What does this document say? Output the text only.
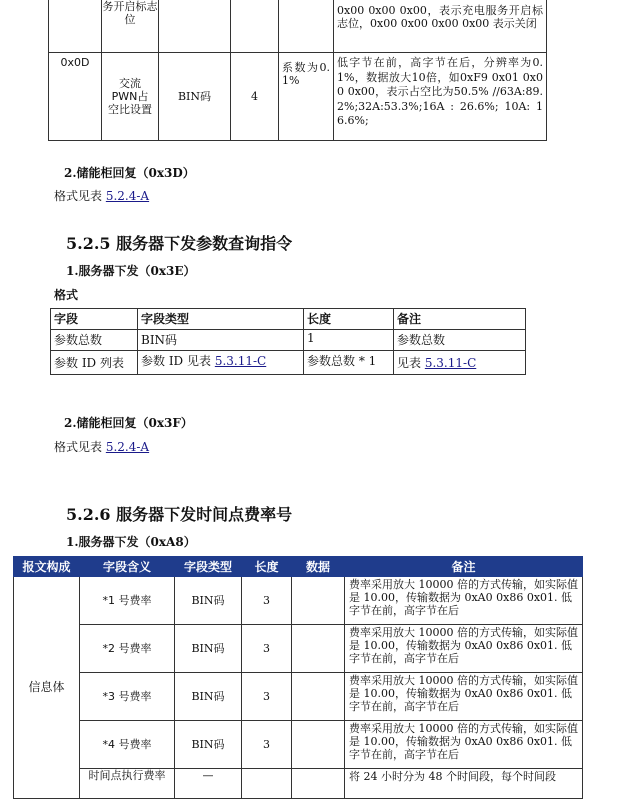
	务开启标志位				0x00 0x00 0x00，表示充电服务开启标志位，0x00 0x00 0x00 0x00 表示关闭
0x0D	交流PWN占空比设置	BIN码	4	系数为0.1%	低字节在前，高字节在后，分辨率为0.1%，数据放大10倍，如0xF9 0x01 0x00 0x00，表示占空比为50.5% //63A:89.2%;32A:53.3%;16A : 26.6%; 10A: 16.6%;
2.储能柜回复（0x3D）
格式见表 5.2.4-A
5.2.5 服务器下发参数查询指令
1.服务器下发（0x3E）
格式
字段	字段类型	长度	备注
参数总数	BIN码	1	参数总数
参数 ID 列表	参数 ID 见表 5.3.11-C	参数总数 * 1	见表 5.3.11-C
2.储能柜回复（0x3F）
格式见表 5.2.4-A
5.2.6 服务器下发时间点费率号
1.服务器下发（0xA8）
报文构成	字段含义	字段类型	长度	数据	备注
信息体	*1 号费率	BIN码	3		费率采用放大 10000 倍的方式传输，如实际值是 10.00，传输数据为 0xA0 0x86 0x01. 低字节在前，高字节在后
	*2 号费率	BIN码	3		费率采用放大 10000 倍的方式传输，如实际值是 10.00，传输数据为 0xA0 0x86 0x01. 低字节在前，高字节在后
	*3 号费率	BIN码	3		费率采用放大 10000 倍的方式传输，如实际值是 10.00，传输数据为 0xA0 0x86 0x01. 低字节在前，高字节在后
	*4 号费率	BIN码	3		费率采用放大 10000 倍的方式传输，如实际值是 10.00，传输数据为 0xA0 0x86 0x01. 低字节在前，高字节在后
	时间点执行费率	—			将 24 小时分为 48 个时间段，每个时间段
